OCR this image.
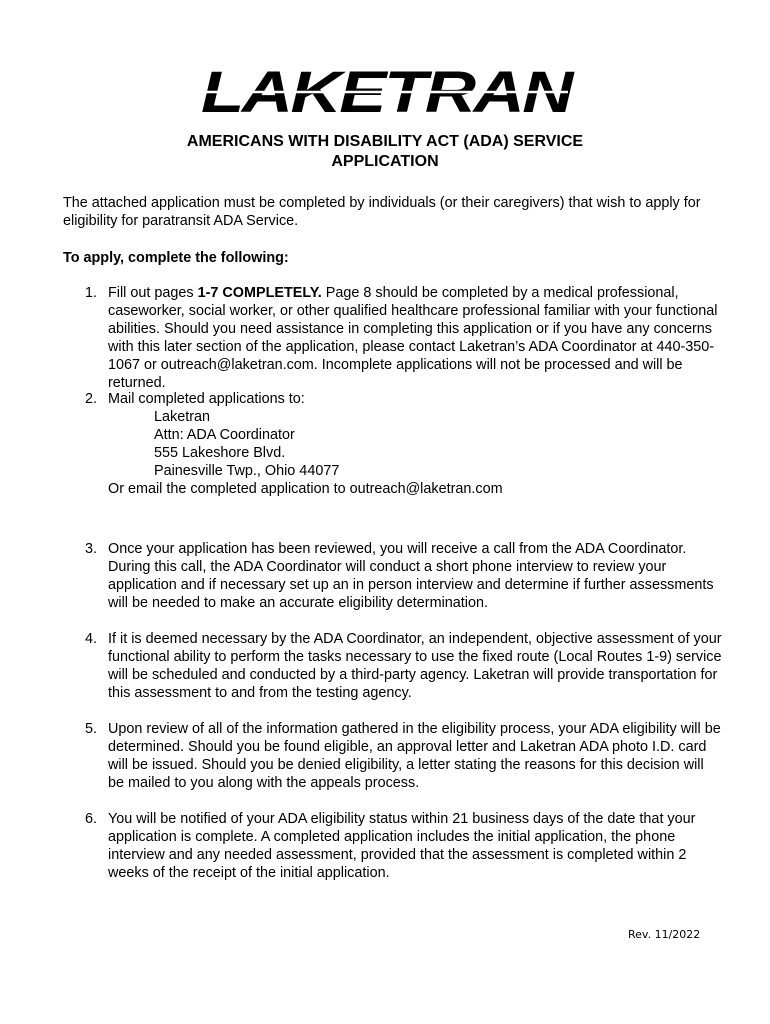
LAKETRAN
AMERICANS WITH DISABILITY ACT (ADA) SERVICE
APPLICATION
The attached application must be completed by individuals (or their caregivers) that wish to apply for eligibility for paratransit ADA Service.
To apply, complete the following:
1. Fill out pages 1-7 COMPLETELY. Page 8 should be completed by a medical professional, caseworker, social worker, or other qualified healthcare professional familiar with your functional abilities. Should you need assistance in completing this application or if you have any concerns with this later section of the application, please contact Laketran’s ADA Coordinator at 440-350-1067 or outreach@laketran.com. Incomplete applications will not be processed and will be returned.

2. Mail completed applications to:

Laketran
Attn: ADA Coordinator
555 Lakeshore Blvd.
Painesville Twp., Ohio 44077

Or email the completed application to outreach@laketran.com

3. Once your application has been reviewed, you will receive a call from the ADA Coordinator. During this call, the ADA Coordinator will conduct a short phone interview to review your application and if necessary set up an in person interview and determine if further assessments will be needed to make an accurate eligibility determination.

4. If it is deemed necessary by the ADA Coordinator, an independent, objective assessment of your functional ability to perform the tasks necessary to use the fixed route (Local Routes 1-9) service will be scheduled and conducted by a third-party agency. Laketran will provide transportation for this assessment to and from the testing agency.

5. Upon review of all of the information gathered in the eligibility process, your ADA eligibility will be determined. Should you be found eligible, an approval letter and Laketran ADA photo I.D. card will be issued. Should you be denied eligibility, a letter stating the reasons for this decision will be mailed to you along with the appeals process.

6. You will be notified of your ADA eligibility status within 21 business days of the date that your application is complete. A completed application includes the initial application, the phone interview and any needed assessment, provided that the assessment is completed within 2 weeks of the receipt of the initial application.

Rev. 11/2022
